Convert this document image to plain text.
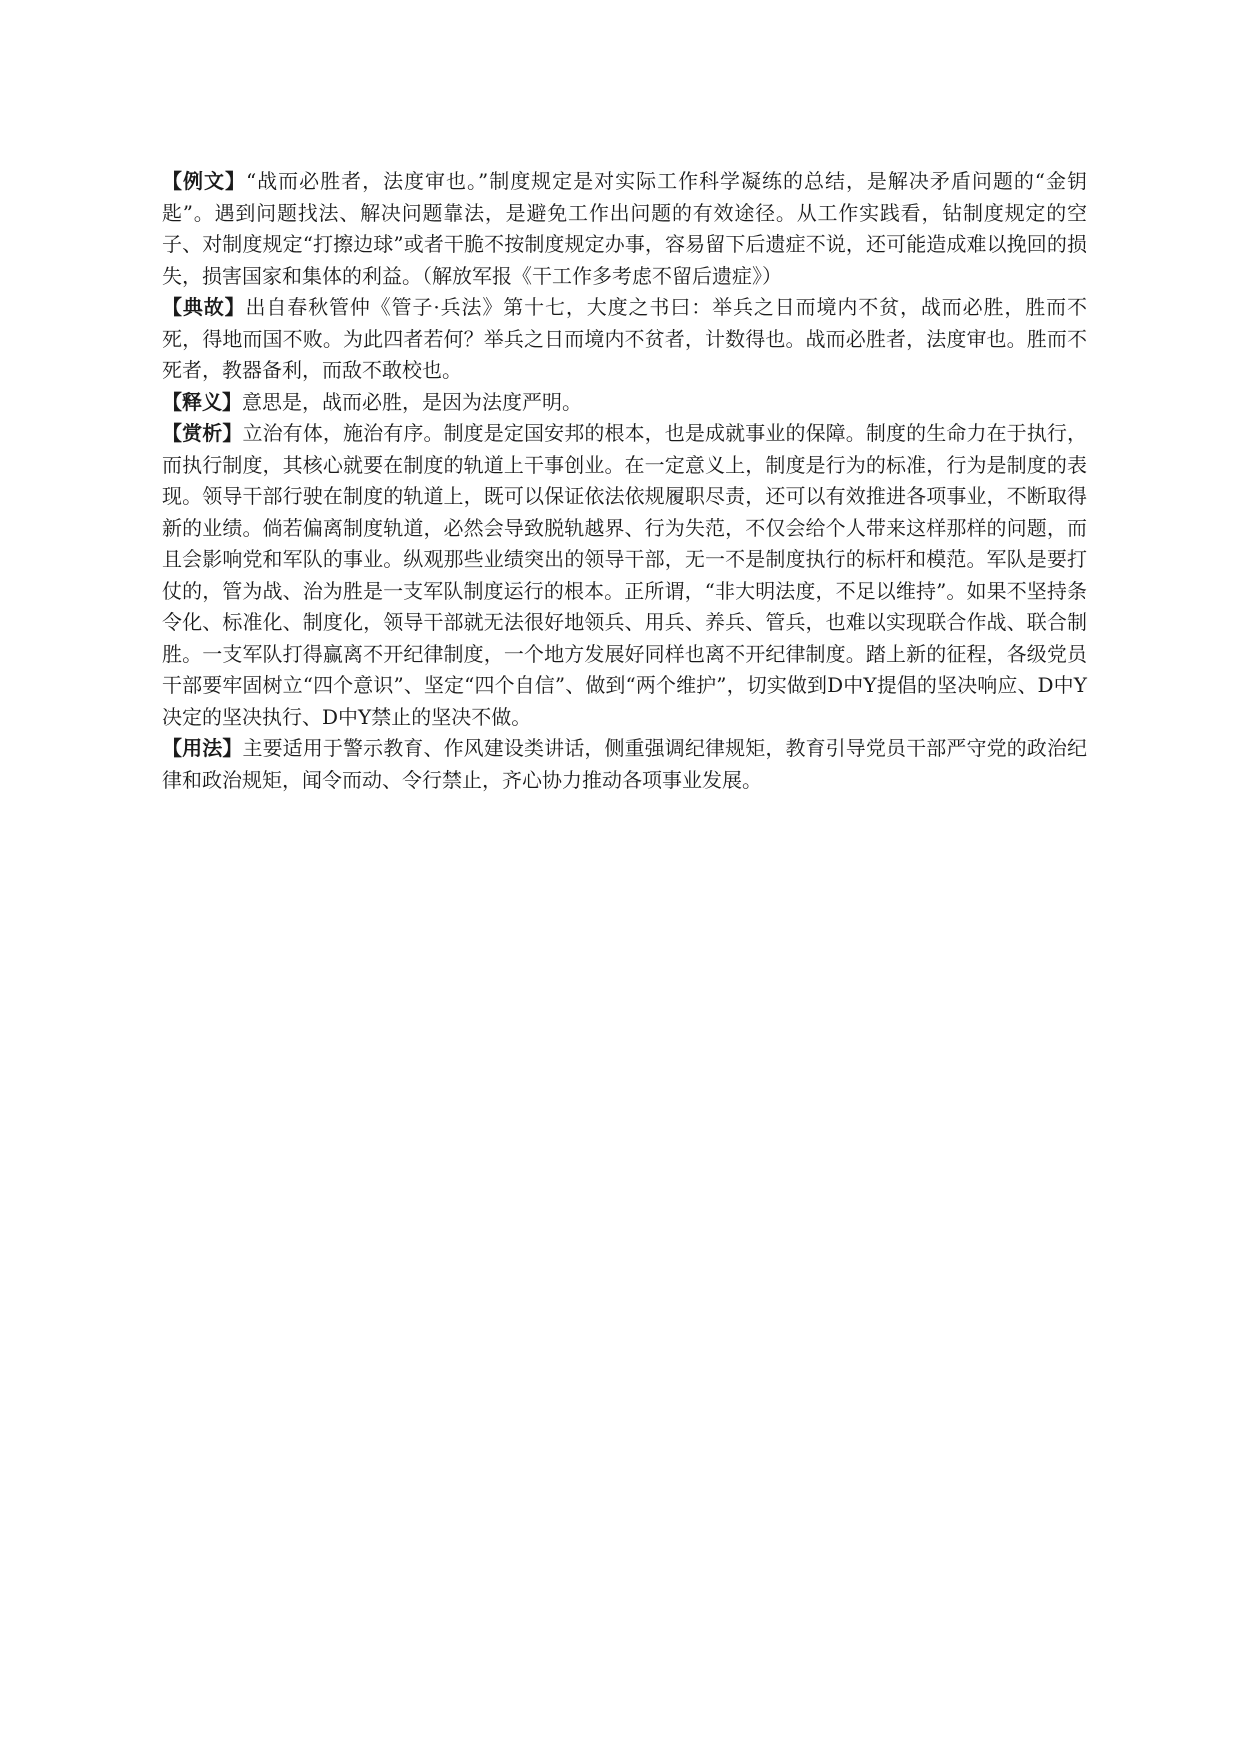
【例文】“战而必胜者，法度审也。”制度规定是对实际工作科学凝练的总结，是解决矛盾问题的“金钥匙”。遇到问题找法、解决问题靠法，是避免工作出问题的有效途径。从工作实践看，钻制度规定的空子、对制度规定“打擦边球”或者干脆不按制度规定办事，容易留下后遗症不说，还可能造成难以挽回的损失，损害国家和集体的利益。（解放军报《干工作多考虑不留后遗症》）

【典故】出自春秋管仲《管子·兵法》第十七，大度之书曰：举兵之日而境内不贫，战而必胜，胜而不死，得地而国不败。为此四者若何？举兵之日而境内不贫者，计数得也。战而必胜者，法度审也。胜而不死者，教器备利，而敌不敢校也。

【释义】意思是，战而必胜，是因为法度严明。

【赏析】立治有体，施治有序。制度是定国安邦的根本，也是成就事业的保障。制度的生命力在于执行，而执行制度，其核心就要在制度的轨道上干事创业。在一定意义上，制度是行为的标准，行为是制度的表现。领导干部行驶在制度的轨道上，既可以保证依法依规履职尽责，还可以有效推进各项事业，不断取得新的业绩。倘若偏离制度轨道，必然会导致脱轨越界、行为失范，不仅会给个人带来这样那样的问题，而且会影响党和军队的事业。纵观那些业绩突出的领导干部，无一不是制度执行的标杆和模范。军队是要打仗的，管为战、治为胜是一支军队制度运行的根本。正所谓，“非大明法度，不足以维持”。如果不坚持条令化、标准化、制度化，领导干部就无法很好地领兵、用兵、养兵、管兵，也难以实现联合作战、联合制胜。一支军队打得赢离不开纪律制度，一个地方发展好同样也离不开纪律制度。踏上新的征程，各级党员干部要牢固树立“四个意识”、坚定“四个自信”、做到“两个维护”，切实做到D中Y提倡的坚决响应、D中Y决定的坚决执行、D中Y禁止的坚决不做。

【用法】主要适用于警示教育、作风建设类讲话，侧重强调纪律规矩，教育引导党员干部严守党的政治纪律和政治规矩，闻令而动、令行禁止，齐心协力推动各项事业发展。
